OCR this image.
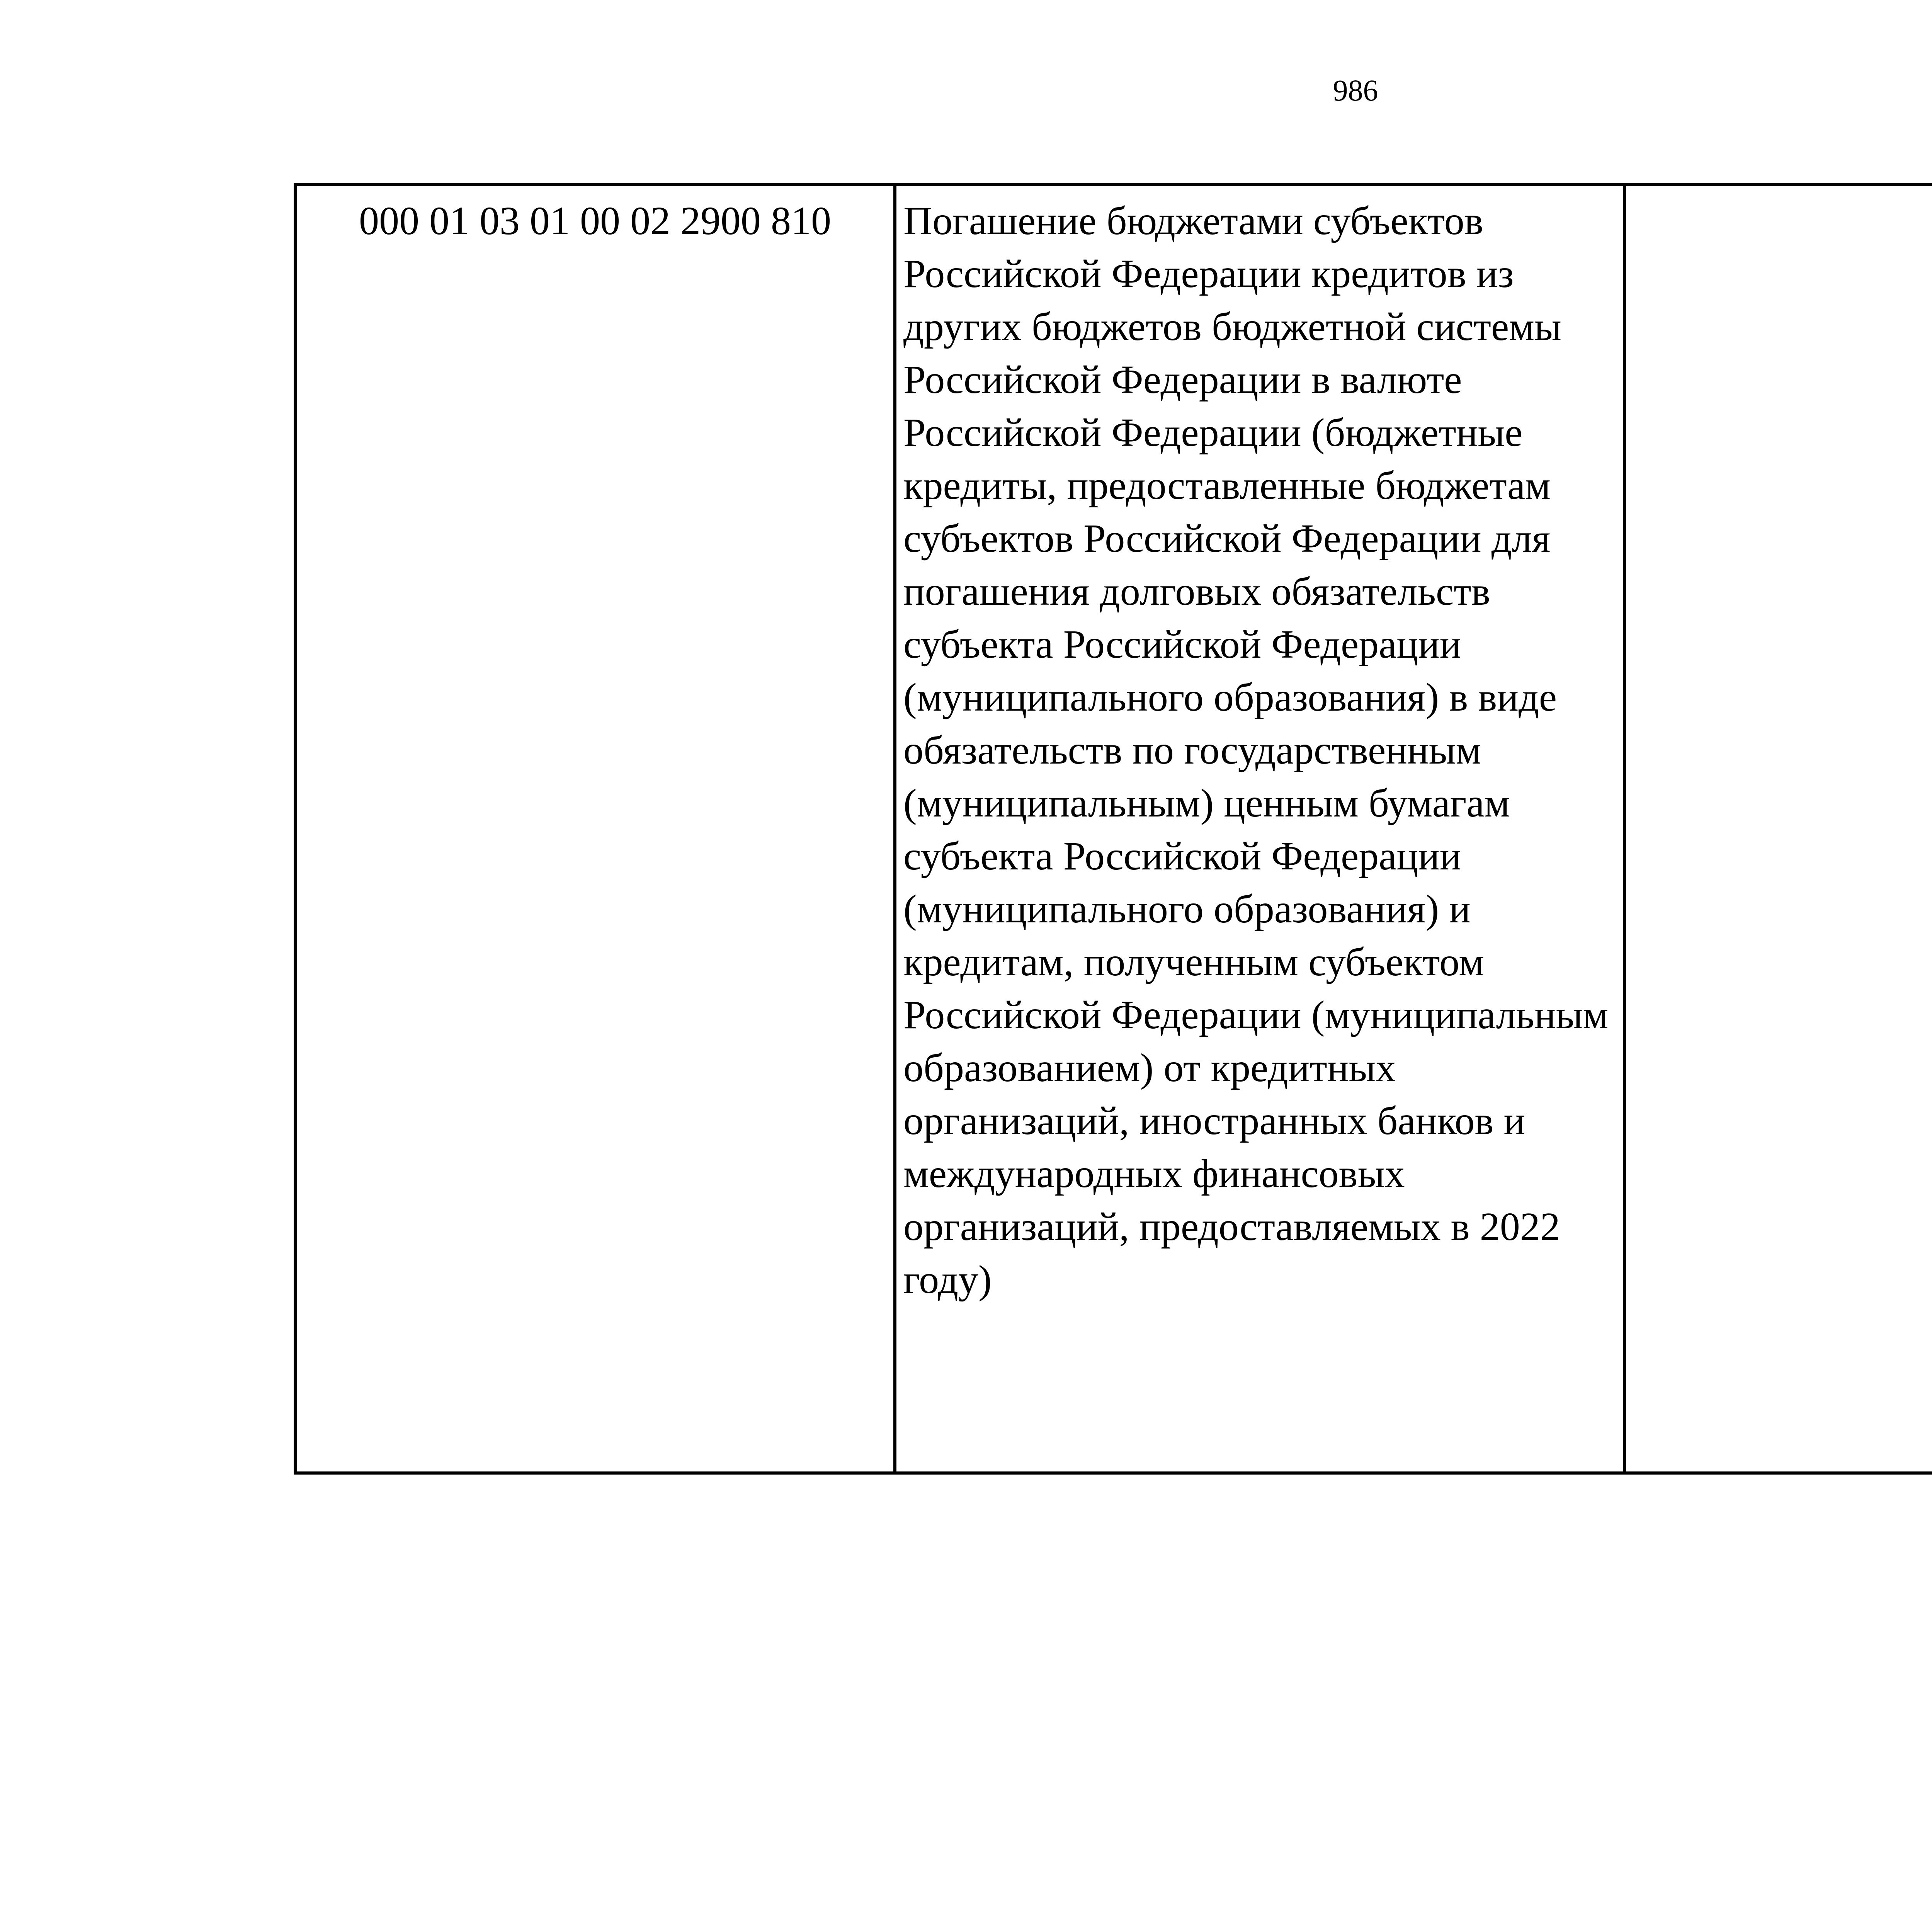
986
000 01 03 01 00 02 2900 810	Погашение бюджетами субъектов Российской Федерации кредитов из других бюджетов бюджетной системы Российской Федерации в валюте Российской Федерации (бюджетные кредиты, предоставленные бюджетам субъектов Российской Федерации для погашения долговых обязательств субъекта Российской Федерации (муниципального образования) в виде обязательств по государственным (муниципальным) ценным бумагам субъекта Российской Федерации (муниципального образования) и кредитам, полученным субъектом Российской Федерации (муниципальным образованием) от кредитных организаций, иностранных банков и международных финансовых организаций, предоставляемых в 2022 году)			
